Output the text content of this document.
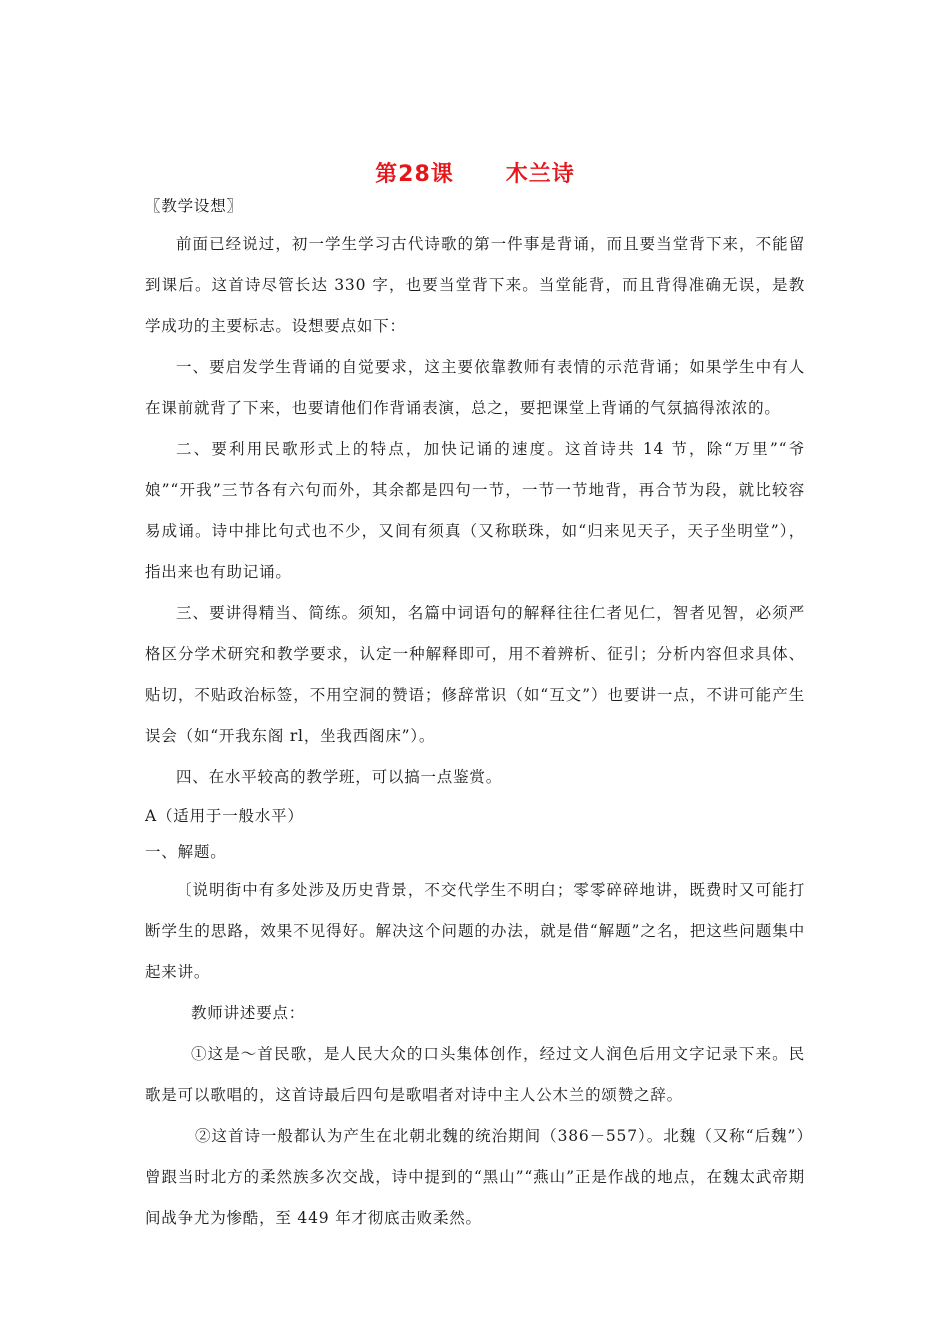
第28课 木兰诗

〖教学设想〗

前面已经说过，初一学生学习古代诗歌的第一件事是背诵，而且要当堂背下来，不能留到课后。这首诗尽管长达 330 字，也要当堂背下来。当堂能背，而且背得准确无误，是教学成功的主要标志。设想要点如下：

一、要启发学生背诵的自觉要求，这主要依靠教师有表情的示范背诵；如果学生中有人在课前就背了下来，也要请他们作背诵表演，总之，要把课堂上背诵的气氛搞得浓浓的。

二、要利用民歌形式上的特点，加快记诵的速度。这首诗共 14 节，除“万里”“爷娘”“开我”三节各有六句而外，其余都是四句一节，一节一节地背，再合节为段，就比较容易成诵。诗中排比句式也不少，又间有须真（又称联珠，如“归来见天子，天子坐明堂”），指出来也有助记诵。

三、要讲得精当、简练。须知，名篇中词语句的解释往往仁者见仁，智者见智，必须严格区分学术研究和教学要求，认定一种解释即可，用不着辨析、征引；分析内容但求具体、贴切，不贴政治标签，不用空洞的赞语；修辞常识（如“互文”）也要讲一点，不讲可能产生误会（如“开我东阁 rl，坐我西阁床”）。

四、在水平较高的教学班，可以搞一点鉴赏。

A（适用于一般水平）

一、解题。

〔说明街中有多处涉及历史背景，不交代学生不明白；零零碎碎地讲，既费时又可能打断学生的思路，效果不见得好。解决这个问题的办法，就是借“解题”之名，把这些问题集中起来讲。

教师讲述要点：

①这是～首民歌，是人民大众的口头集体创作，经过文人润色后用文字记录下来。民歌是可以歌唱的，这首诗最后四句是歌唱者对诗中主人公木兰的颂赞之辞。

②这首诗一般都认为产生在北朝北魏的统治期间（386－557）。北魏（又称“后魏”）曾跟当时北方的柔然族多次交战，诗中提到的“黑山”“燕山”正是作战的地点，在魏太武帝期间战争尤为惨酷，至 449 年才彻底击败柔然。
